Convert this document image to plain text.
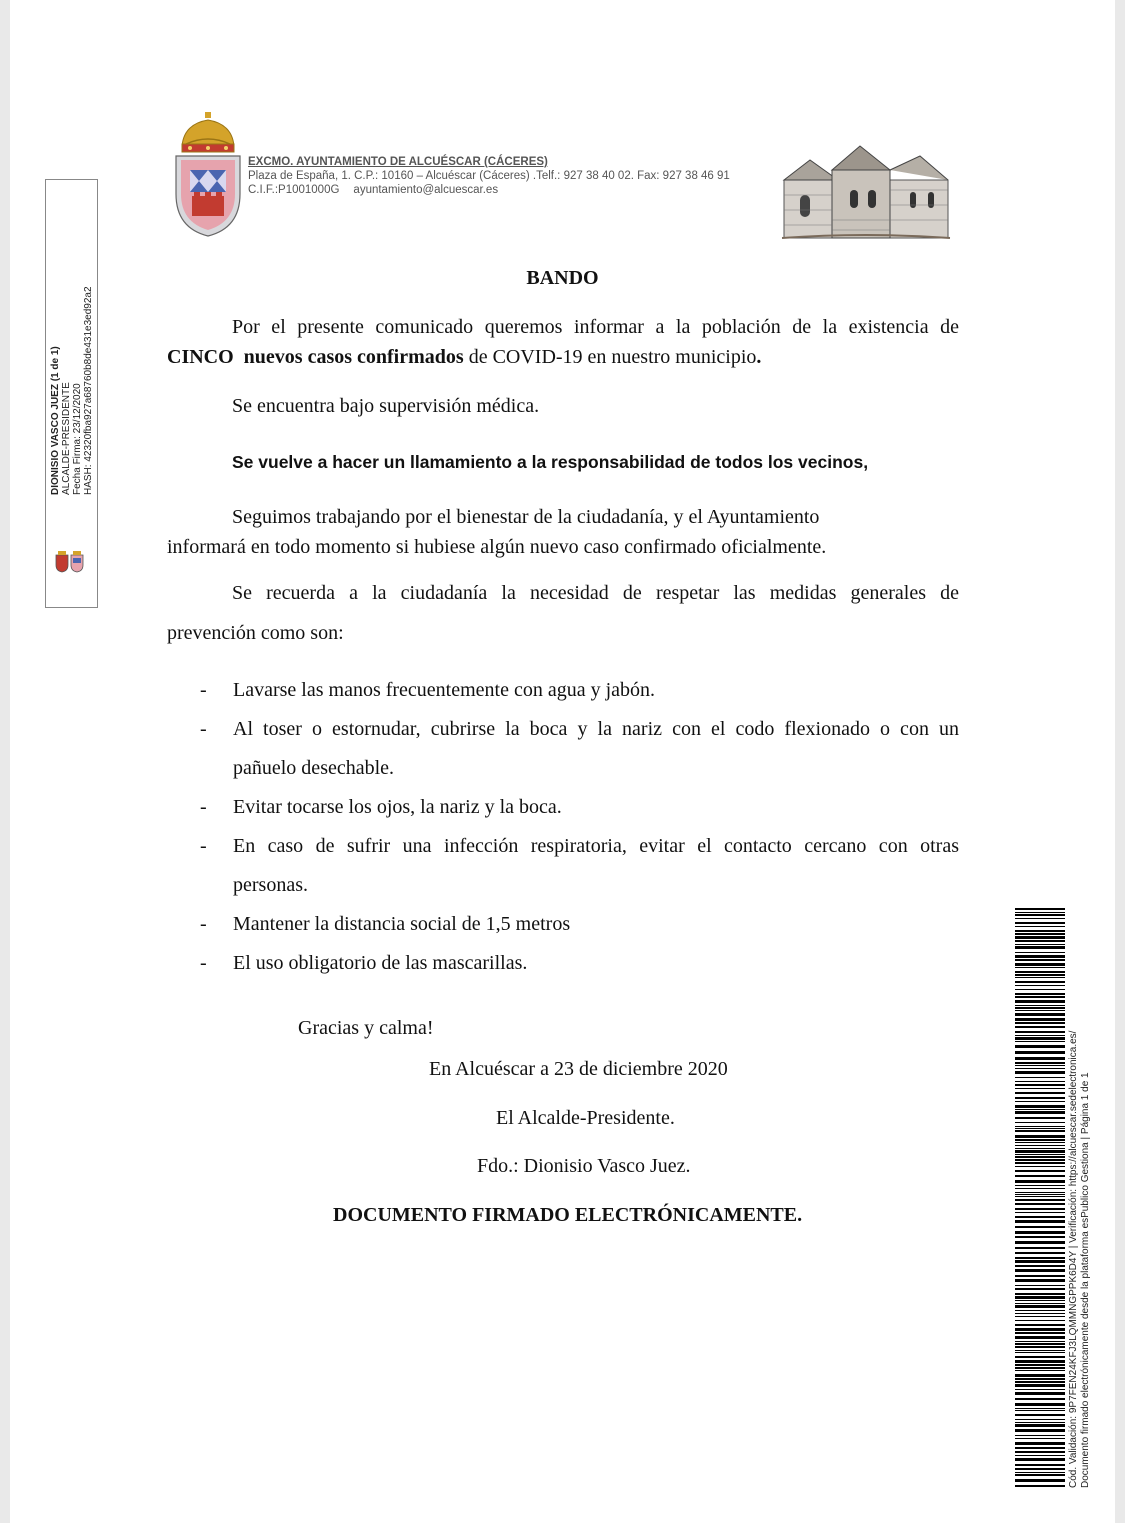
EXCMO. AYUNTAMIENTO DE ALCUÉSCAR (CÁCERES)
Plaza de España, 1. C.P.: 10160 – Alcuéscar (Cáceres) .Telf.: 927 38 40 02. Fax: 927 38 46 91
C.I.F.:P1001000G ayuntamiento@alcuescar.es
DIONISIO VASCO JUEZ (1 de 1) ALCALDE-PRESIDENTE Fecha Firma: 23/12/2020 HASH: 42320fba927a68760b8de431e3ed92a2
BANDO
Por el presente comunicado queremos informar a la población de la existencia de
CINCO nuevos casos confirmados de COVID-19 en nuestro municipio.
Se encuentra bajo supervisión médica.
Se vuelve a hacer un llamamiento a la responsabilidad de todos los vecinos,
Seguimos trabajando por el bienestar de la ciudadanía, y el Ayuntamiento
informará en todo momento si hubiese algún nuevo caso confirmado oficialmente.
Se recuerda a la ciudadanía la necesidad de respetar las medidas generales de
prevención como son:
- Lavarse las manos frecuentemente con agua y jabón.
- Al toser o estornudar, cubrirse la boca y la nariz con el codo flexionado o con un
pañuelo desechable.
- Evitar tocarse los ojos, la nariz y la boca.
- En caso de sufrir una infección respiratoria, evitar el contacto cercano con otras
personas.
- Mantener la distancia social de 1,5 metros
- El uso obligatorio de las mascarillas.
Gracias y calma!
En Alcuéscar a 23 de diciembre 2020
El Alcalde-Presidente.
Fdo.: Dionisio Vasco Juez.
DOCUMENTO FIRMADO ELECTRÓNICAMENTE.	Cód. Validación: 9P7FEN24KFJ3LQMMNGPPK6D4Y | Verificación: https://alcuescar.sedelectronica.es/ Documento firmado electrónicamente desde la plataforma esPublico Gestiona | Página 1 de 1
